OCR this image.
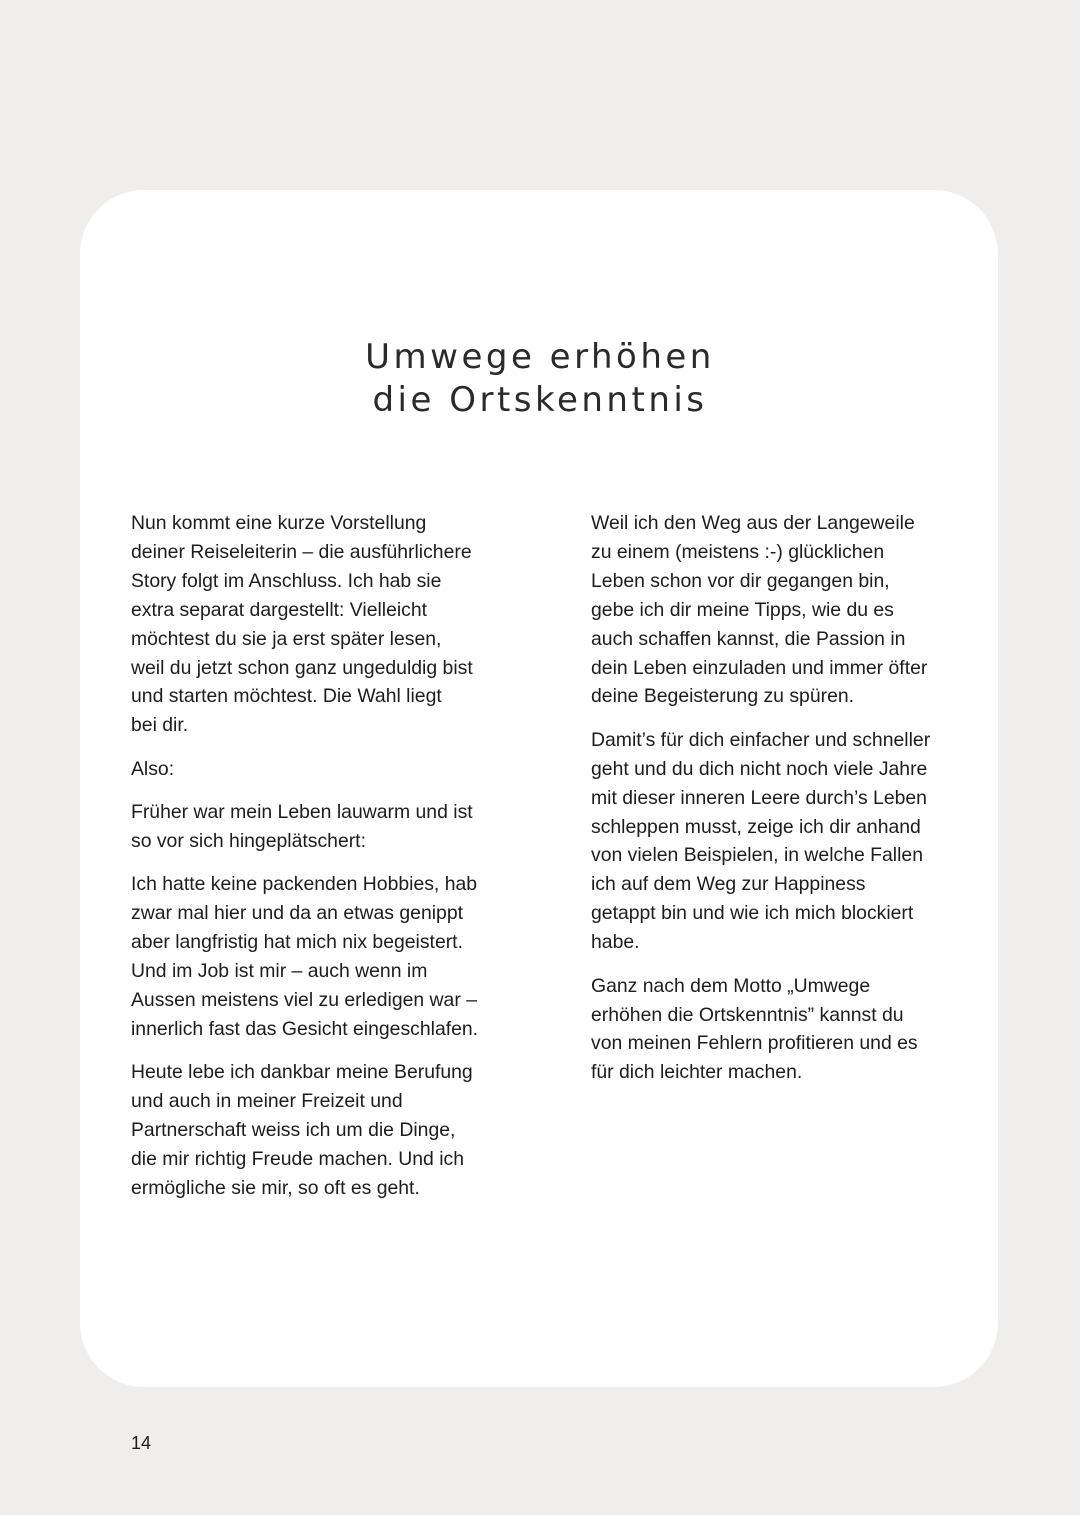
Umwege erhöhen
die Ortskenntnis

Nun kommt eine kurze Vorstellung
deiner Reiseleiterin – die ausführlichere
Story folgt im Anschluss. Ich hab sie
extra separat dargestellt: Vielleicht
möchtest du sie ja erst später lesen,
weil du jetzt schon ganz ungeduldig bist
und starten möchtest. Die Wahl liegt
bei dir.

Also:

Früher war mein Leben lauwarm und ist
so vor sich hingeplätschert:

Ich hatte keine packenden Hobbies, hab
zwar mal hier und da an etwas genippt
aber langfristig hat mich nix begeistert.
Und im Job ist mir – auch wenn im
Aussen meistens viel zu erledigen war –
innerlich fast das Gesicht eingeschlafen.

Heute lebe ich dankbar meine Berufung
und auch in meiner Freizeit und
Partnerschaft weiss ich um die Dinge,
die mir richtig Freude machen. Und ich
ermögliche sie mir, so oft es geht.

Weil ich den Weg aus der Langeweile
zu einem (meistens :-) glücklichen
Leben schon vor dir gegangen bin,
gebe ich dir meine Tipps, wie du es
auch schaffen kannst, die Passion in
dein Leben einzuladen und immer öfter
deine Begeisterung zu spüren.

Damit’s für dich einfacher und schneller
geht und du dich nicht noch viele Jahre
mit dieser inneren Leere durch’s Leben
schleppen musst, zeige ich dir anhand
von vielen Beispielen, in welche Fallen
ich auf dem Weg zur Happiness
getappt bin und wie ich mich blockiert
habe.

Ganz nach dem Motto „Umwege
erhöhen die Ortskenntnis” kannst du
von meinen Fehlern profitieren und es
für dich leichter machen.

14
